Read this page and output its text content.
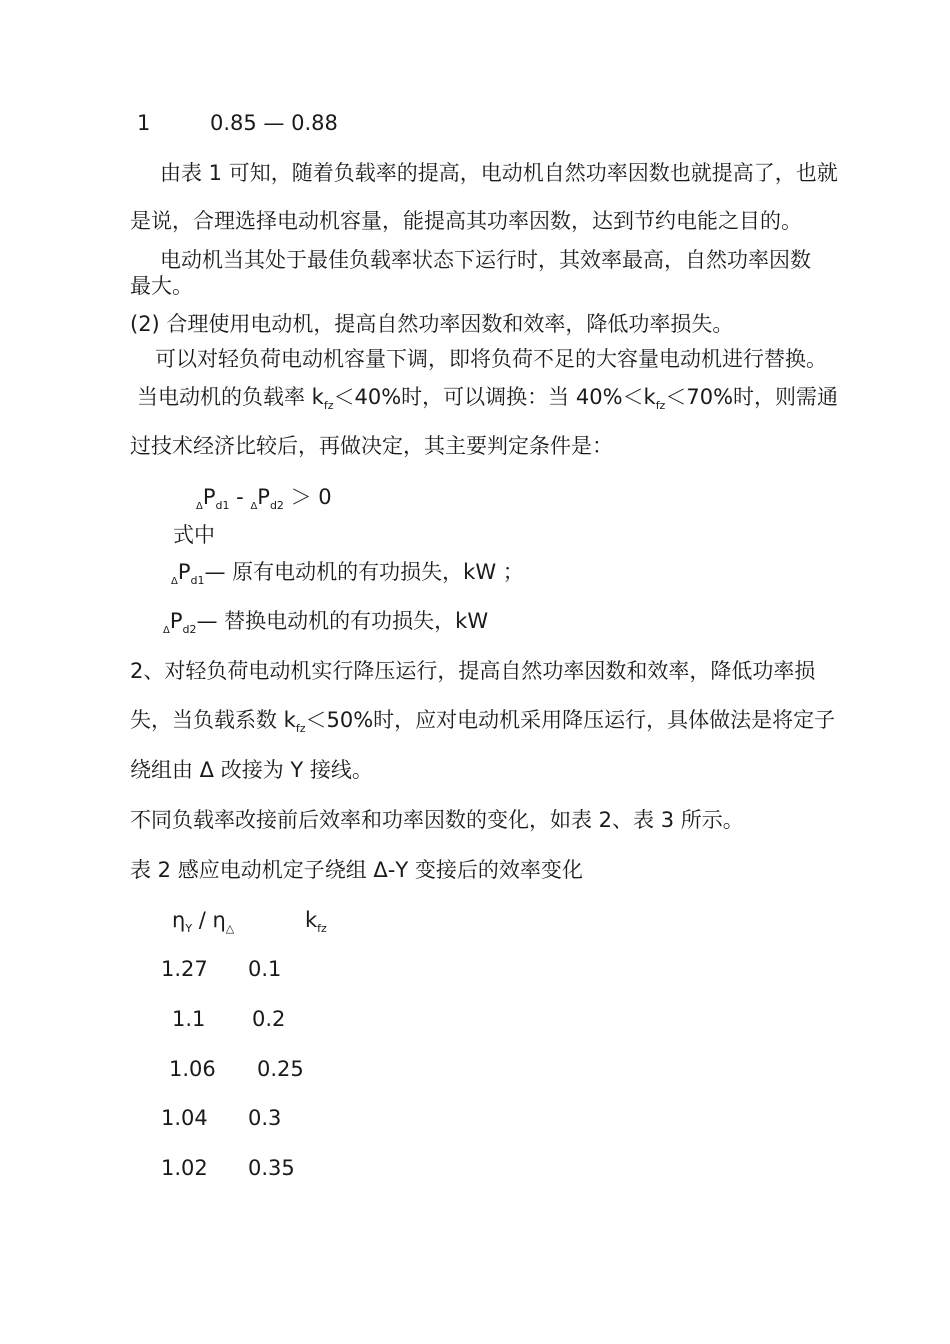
1	0.85 — 0.88
由表 1 可知，随着负载率的提高，电动机自然功率因数也就提高了，也就
是说，合理选择电动机容量，能提高其功率因数，达到节约电能之目的。
电动机当其处于最佳负载率状态下运行时，其效率最高，自然功率因数
最大。
(2) 合理使用电动机，提高自然功率因数和效率，降低功率损失。
可以对轻负荷电动机容量下调，即将负荷不足的大容量电动机进行替换。
当电动机的负载率 $k_{fz}<40\%$时，可以调换：当 $40\%<k_{fz}<70\%$时，则需通
过技术经济比较后，再做决定，其主要判定条件是：
$_\Delta P_{d1} - _\Delta P_{d2} > 0$
式中
$_\Delta P_{d1}—$ 原有电动机的有功损失，kW ；
$_\Delta P_{d2}—$ 替换电动机的有功损失，kW
2、对轻负荷电动机实行降压运行，提高自然功率因数和效率，降低功率损
失，当负载系数 $k_{fz}<50\%$时，应对电动机采用降压运行，具体做法是将定子
绕组由 Δ 改接为 Y 接线。
不同负载率改接前后效率和功率因数的变化，如表 2、表 3 所示。
表 2 感应电动机定子绕组 Δ-Y 变接后的效率变化
$\eta_Y / \eta_\triangle$	$k_{fz}$
1.27 0.1
1.1 0.2
1.06 0.25
1.04 0.3
1.02 0.35
